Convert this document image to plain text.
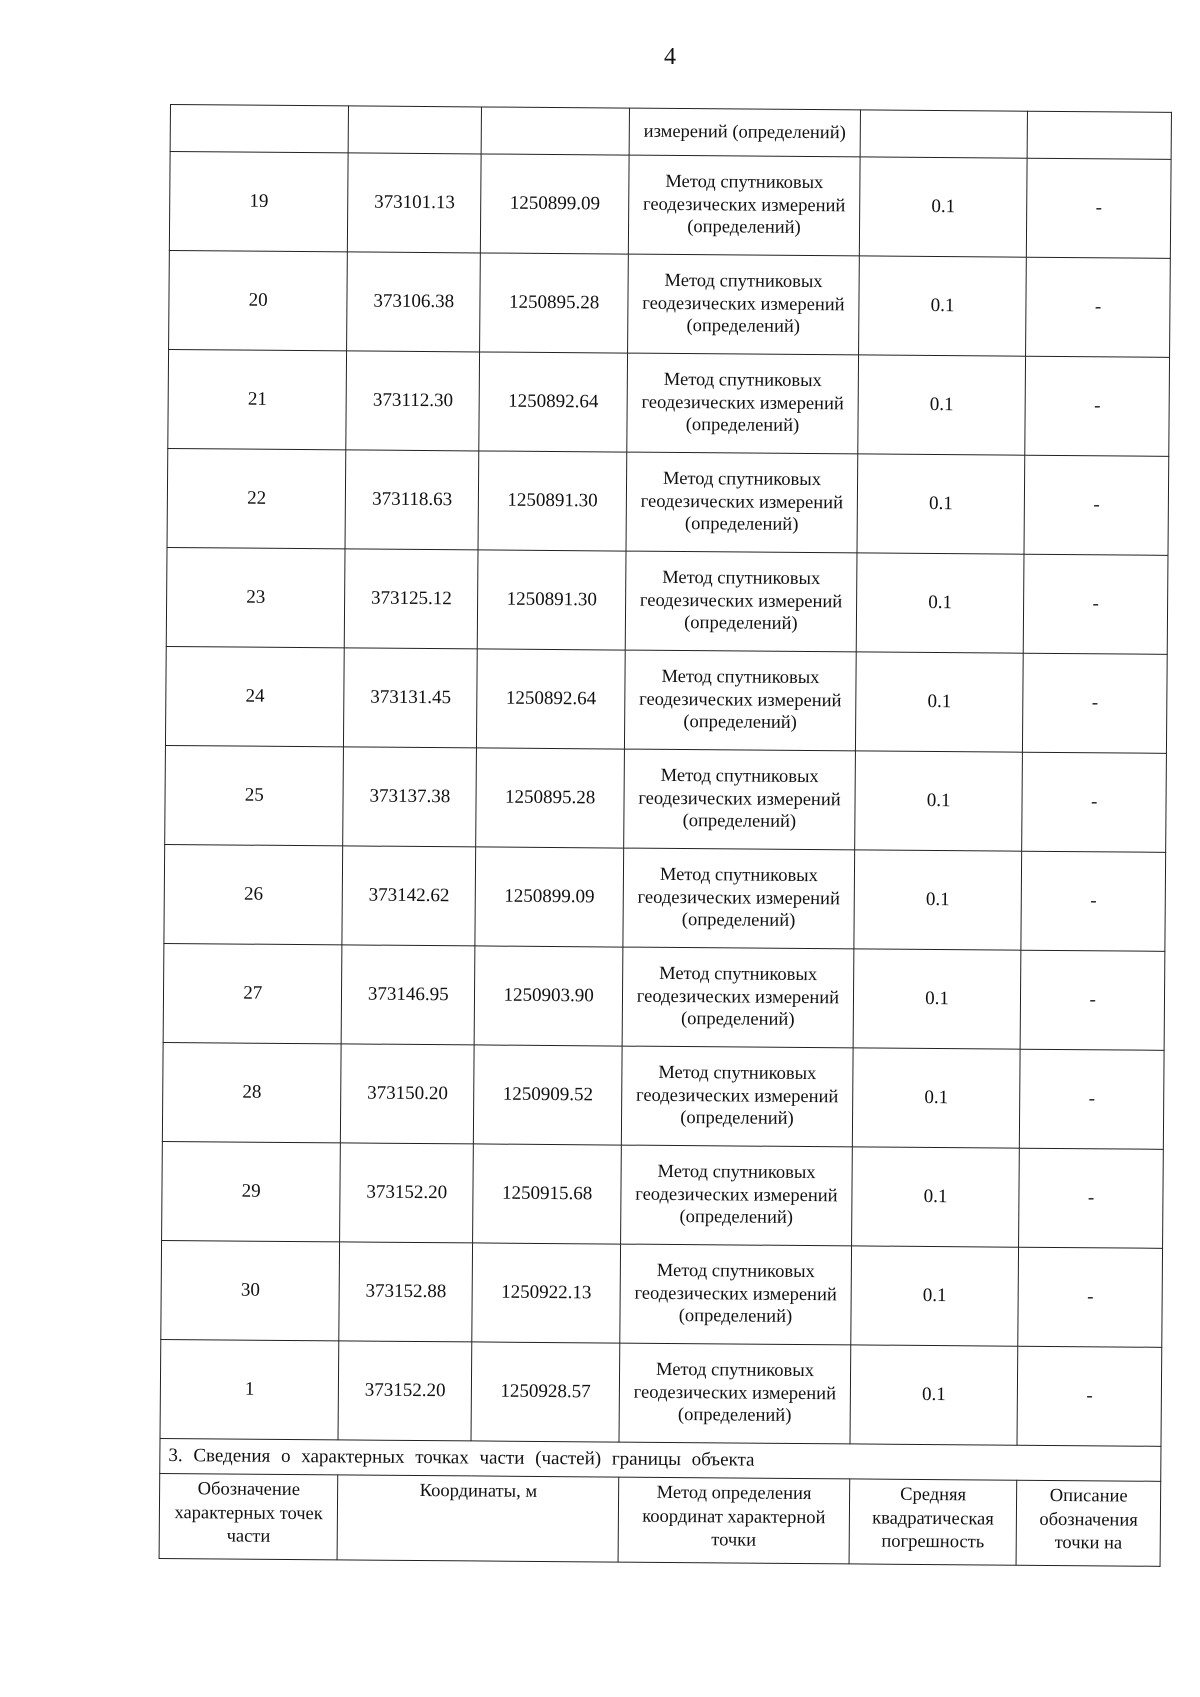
4
			измерений (определений)		
19	373101.13	1250899.09	Метод спутниковых геодезических измерений (определений)	0.1	-
20	373106.38	1250895.28	Метод спутниковых геодезических измерений (определений)	0.1	-
21	373112.30	1250892.64	Метод спутниковых геодезических измерений (определений)	0.1	-
22	373118.63	1250891.30	Метод спутниковых геодезических измерений (определений)	0.1	-
23	373125.12	1250891.30	Метод спутниковых геодезических измерений (определений)	0.1	-
24	373131.45	1250892.64	Метод спутниковых геодезических измерений (определений)	0.1	-
25	373137.38	1250895.28	Метод спутниковых геодезических измерений (определений)	0.1	-
26	373142.62	1250899.09	Метод спутниковых геодезических измерений (определений)	0.1	-
27	373146.95	1250903.90	Метод спутниковых геодезических измерений (определений)	0.1	-
28	373150.20	1250909.52	Метод спутниковых геодезических измерений (определений)	0.1	-
29	373152.20	1250915.68	Метод спутниковых геодезических измерений (определений)	0.1	-
30	373152.88	1250922.13	Метод спутниковых геодезических измерений (определений)	0.1	-
1	373152.20	1250928.57	Метод спутниковых геодезических измерений (определений)	0.1	-
3. Сведения о характерных точках части (частей) границы объекта					
Обозначение характерных точек части	Координаты, м		Метод определения координат характерной точки	Средняя квадратическая погрешность	Описание обозначения точки на
